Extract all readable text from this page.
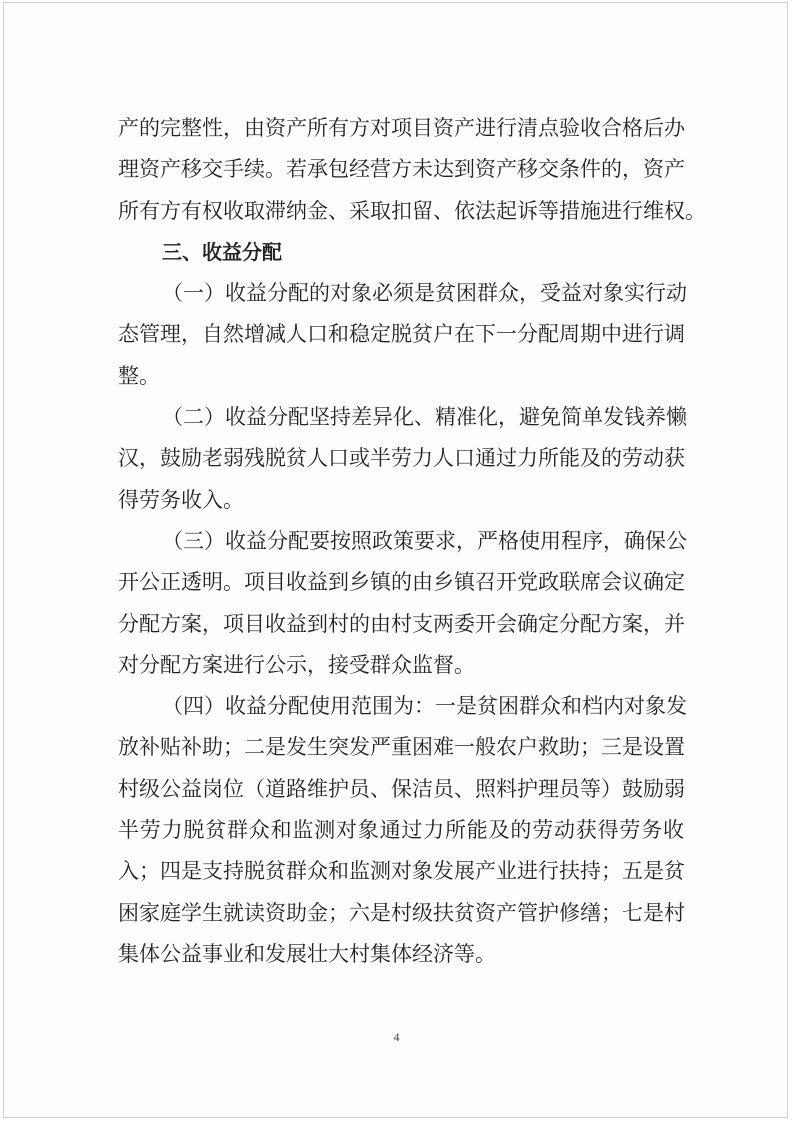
产的完整性，由资产所有方对项目资产进行清点验收合格后办
理资产移交手续。若承包经营方未达到资产移交条件的，资产
所有方有权收取滞纳金、采取扣留、依法起诉等措施进行维权。
三、收益分配
（一）收益分配的对象必须是贫困群众，受益对象实行动
态管理，自然增减人口和稳定脱贫户在下一分配周期中进行调
整。
（二）收益分配坚持差异化、精准化，避免简单发钱养懒
汉，鼓励老弱残脱贫人口或半劳力人口通过力所能及的劳动获
得劳务收入。
（三）收益分配要按照政策要求，严格使用程序，确保公
开公正透明。项目收益到乡镇的由乡镇召开党政联席会议确定
分配方案，项目收益到村的由村支两委开会确定分配方案，并
对分配方案进行公示，接受群众监督。
（四）收益分配使用范围为：一是贫困群众和档内对象发
放补贴补助；二是发生突发严重困难一般农户救助；三是设置
村级公益岗位（道路维护员、保洁员、照料护理员等）鼓励弱
半劳力脱贫群众和监测对象通过力所能及的劳动获得劳务收
入；四是支持脱贫群众和监测对象发展产业进行扶持；五是贫
困家庭学生就读资助金；六是村级扶贫资产管护修缮；七是村
集体公益事业和发展壮大村集体经济等。
4
